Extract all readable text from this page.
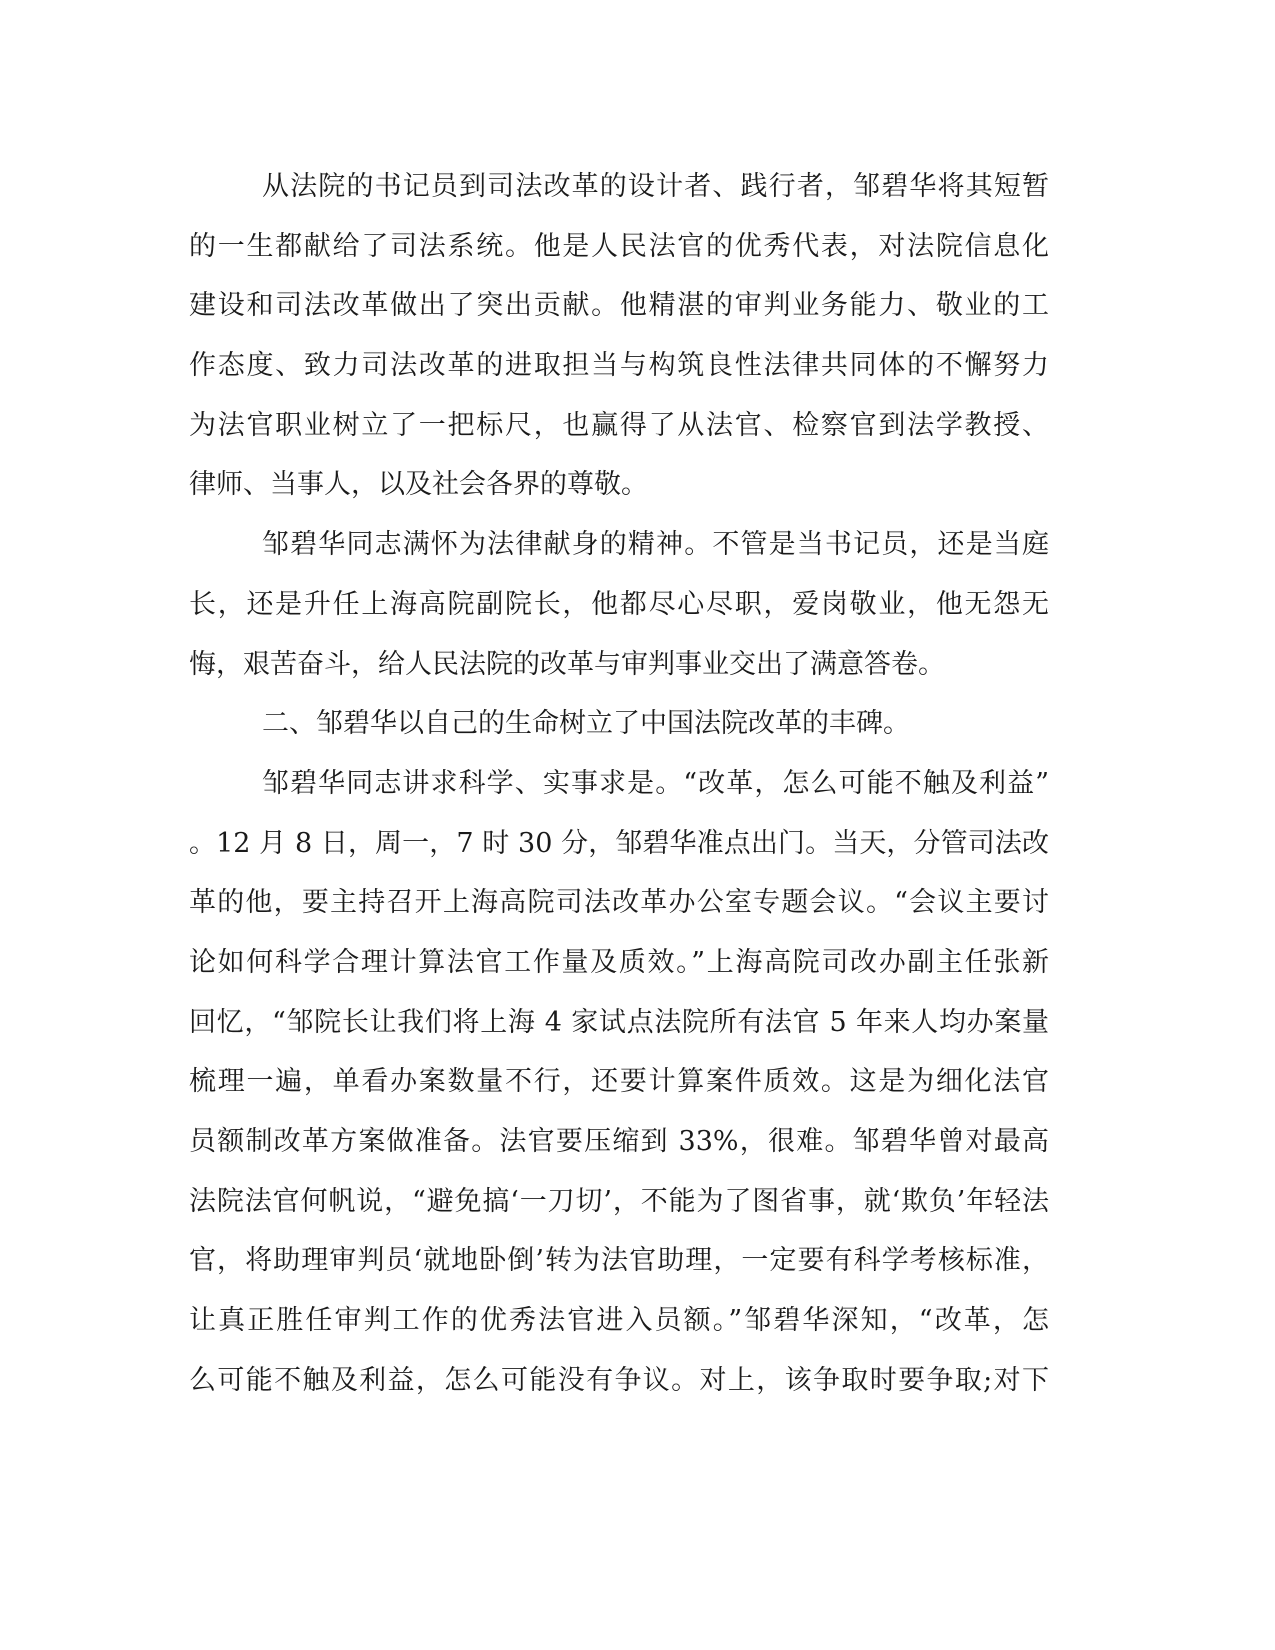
从法院的书记员到司法改革的设计者、践行者，邹碧华将其短暂
的一生都献给了司法系统。他是人民法官的优秀代表，对法院信息化
建设和司法改革做出了突出贡献。他精湛的审判业务能力、敬业的工
作态度、致力司法改革的进取担当与构筑良性法律共同体的不懈努力
为法官职业树立了一把标尺，也赢得了从法官、检察官到法学教授、
律师、当事人，以及社会各界的尊敬。
邹碧华同志满怀为法律献身的精神。不管是当书记员，还是当庭
长，还是升任上海高院副院长，他都尽心尽职，爱岗敬业，他无怨无
悔，艰苦奋斗，给人民法院的改革与审判事业交出了满意答卷。
二、邹碧华以自己的生命树立了中国法院改革的丰碑。
邹碧华同志讲求科学、实事求是。“改革，怎么可能不触及利益”
。12 月 8 日，周一，7 时 30 分，邹碧华准点出门。当天，分管司法改
革的他，要主持召开上海高院司法改革办公室专题会议。“会议主要讨
论如何科学合理计算法官工作量及质效。”上海高院司改办副主任张新
回忆，“邹院长让我们将上海 4 家试点法院所有法官 5 年来人均办案量
梳理一遍，单看办案数量不行，还要计算案件质效。这是为细化法官
员额制改革方案做准备。法官要压缩到 33%，很难。邹碧华曾对最高
法院法官何帆说，“避免搞‘一刀切’，不能为了图省事，就‘欺负’年轻法
官，将助理审判员‘就地卧倒’转为法官助理，一定要有科学考核标准，
让真正胜任审判工作的优秀法官进入员额。”邹碧华深知，“改革，怎
么可能不触及利益，怎么可能没有争议。对上，该争取时要争取;对下
